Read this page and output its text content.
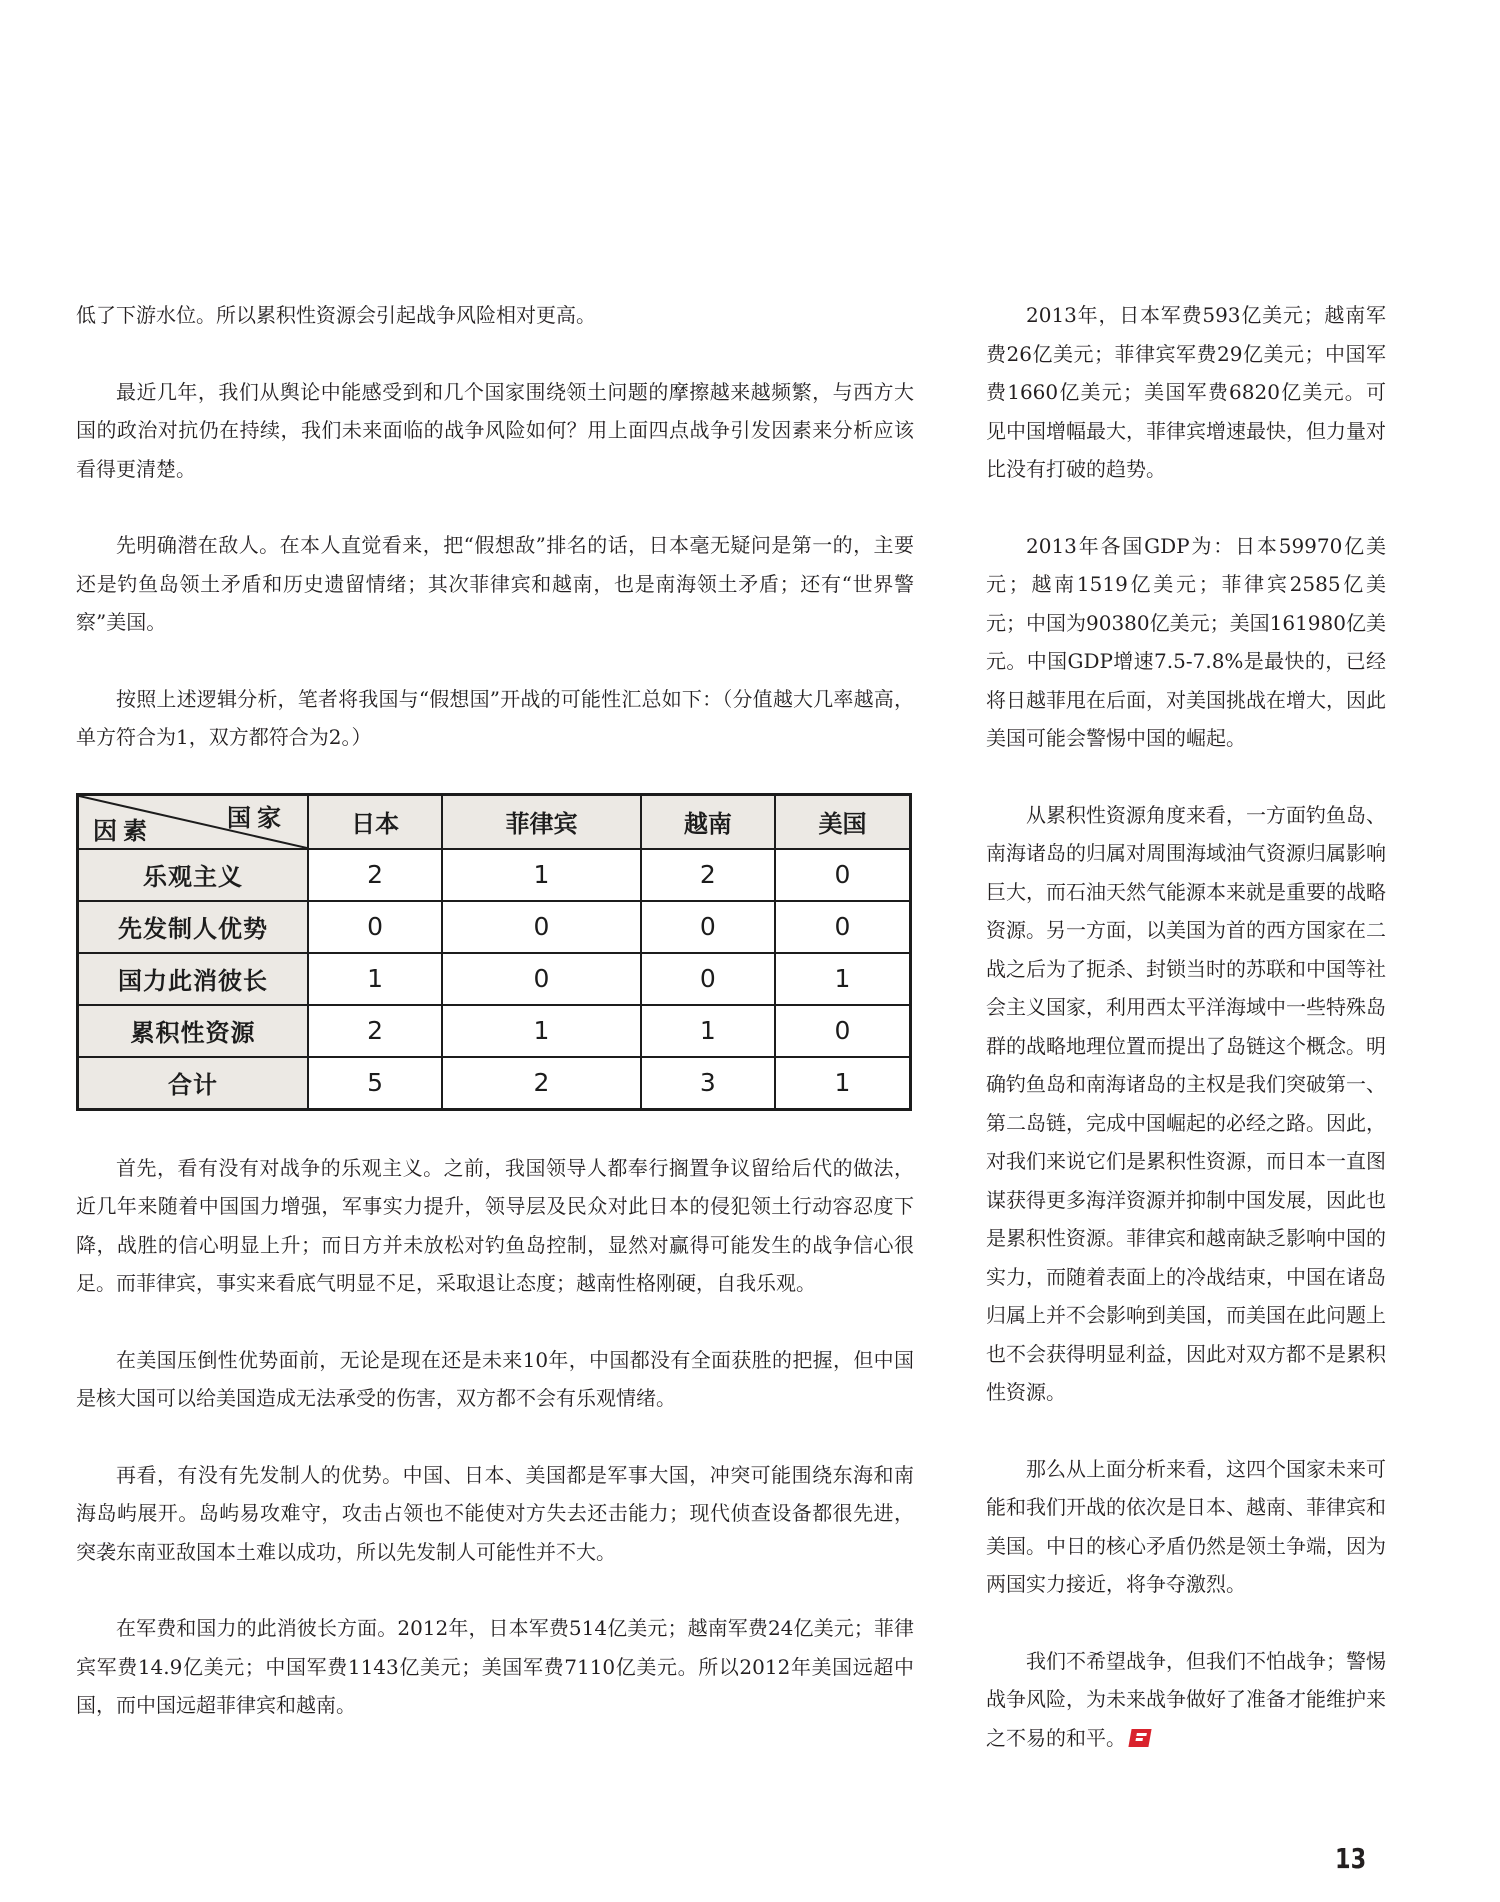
低了下游水位。所以累积性资源会引起战争风险相对更高。

最近几年，我们从舆论中能感受到和几个国家围绕领土问题的摩擦越来越频繁，与西方大国的政治对抗仍在持续，我们未来面临的战争风险如何？用上面四点战争引发因素来分析应该看得更清楚。

先明确潜在敌人。在本人直觉看来，把“假想敌”排名的话，日本毫无疑问是第一的，主要还是钓鱼岛领土矛盾和历史遗留情绪；其次菲律宾和越南，也是南海领土矛盾；还有“世界警察”美国。

按照上述逻辑分析，笔者将我国与“假想国”开战的可能性汇总如下：（分值越大几率越高，单方符合为1，双方都符合为2。）

国家
因素	日本	菲律宾	越南	美国
乐观主义	2	1	2	0
先发制人优势	0	0	0	0
国力此消彼长	1	0	0	1
累积性资源	2	1	1	0
合计	5	2	3	1

首先，看有没有对战争的乐观主义。之前，我国领导人都奉行搁置争议留给后代的做法，近几年来随着中国国力增强，军事实力提升，领导层及民众对此日本的侵犯领土行动容忍度下降，战胜的信心明显上升；而日方并未放松对钓鱼岛控制，显然对赢得可能发生的战争信心很足。而菲律宾，事实来看底气明显不足，采取退让态度；越南性格刚硬，自我乐观。

在美国压倒性优势面前，无论是现在还是未来10年，中国都没有全面获胜的把握，但中国是核大国可以给美国造成无法承受的伤害，双方都不会有乐观情绪。

再看，有没有先发制人的优势。中国、日本、美国都是军事大国，冲突可能围绕东海和南海岛屿展开。岛屿易攻难守，攻击占领也不能使对方失去还击能力；现代侦查设备都很先进，突袭东南亚敌国本土难以成功，所以先发制人可能性并不大。

在军费和国力的此消彼长方面。2012年，日本军费514亿美元；越南军费24亿美元；菲律宾军费14.9亿美元；中国军费1143亿美元；美国军费7110亿美元。所以2012年美国远超中国，而中国远超菲律宾和越南。

2013年，日本军费593亿美元；越南军费26亿美元；菲律宾军费29亿美元；中国军费1660亿美元；美国军费6820亿美元。可见中国增幅最大，菲律宾增速最快，但力量对比没有打破的趋势。

2013年各国GDP为：日本59970亿美元；越南1519亿美元；菲律宾2585亿美元；中国为90380亿美元；美国161980亿美元。中国GDP增速7.5-7.8%是最快的，已经将日越菲甩在后面，对美国挑战在增大，因此美国可能会警惕中国的崛起。

从累积性资源角度来看，一方面钓鱼岛、南海诸岛的归属对周围海域油气资源归属影响巨大，而石油天然气能源本来就是重要的战略资源。另一方面，以美国为首的西方国家在二战之后为了扼杀、封锁当时的苏联和中国等社会主义国家，利用西太平洋海域中一些特殊岛群的战略地理位置而提出了岛链这个概念。明确钓鱼岛和南海诸岛的主权是我们突破第一、第二岛链，完成中国崛起的必经之路。因此，对我们来说它们是累积性资源，而日本一直图谋获得更多海洋资源并抑制中国发展，因此也是累积性资源。菲律宾和越南缺乏影响中国的实力，而随着表面上的冷战结束，中国在诸岛归属上并不会影响到美国，而美国在此问题上也不会获得明显利益，因此对双方都不是累积性资源。

那么从上面分析来看，这四个国家未来可能和我们开战的依次是日本、越南、菲律宾和美国。中日的核心矛盾仍然是领土争端，因为两国实力接近，将争夺激烈。

我们不希望战争，但我们不怕战争；警惕战争风险，为未来战争做好了准备才能维护来之不易的和平。

13
